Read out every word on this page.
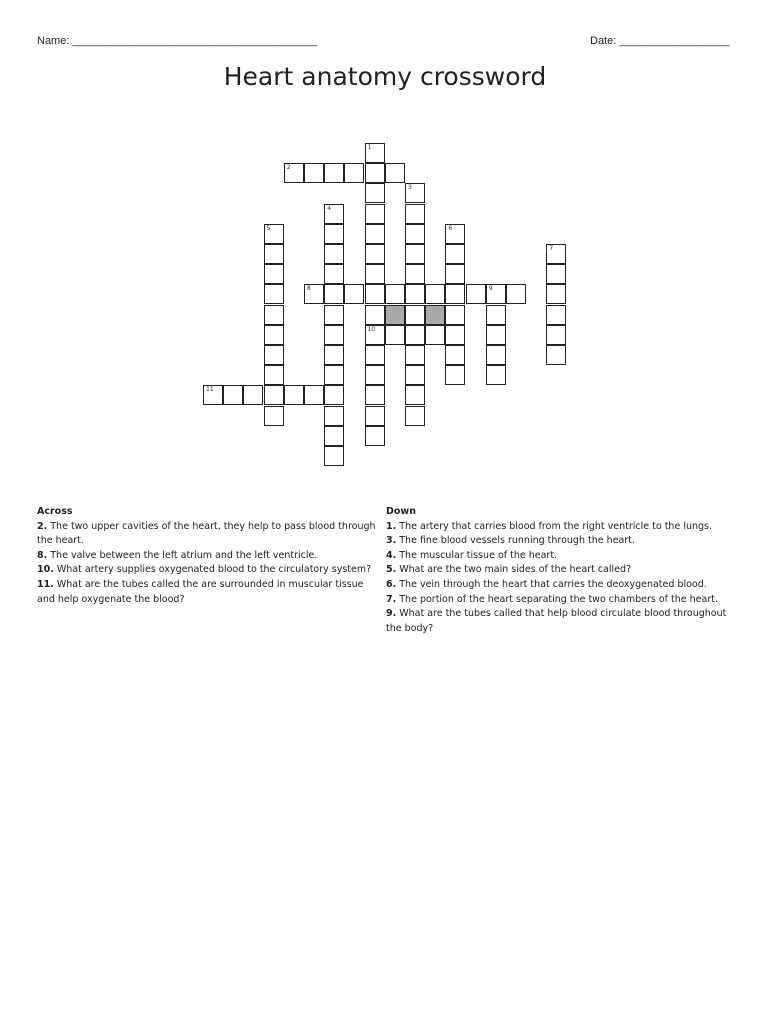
Name: ________________________________________	Date: __________________
Heart anatomy crossword
1
10
2
3
4
5	6
7
8	9
11
Across

2. The two upper cavities of the heart, they help to pass blood through the heart.

8. The valve between the left atrium and the left ventricle.

10. What artery supplies oxygenated blood to the circulatory system?

11. What are the tubes called the are surrounded in muscular tissue and help oxygenate the blood?

Down

1. The artery that carries blood from the right ventricle to the lungs.

3. The fine blood vessels running through the heart.

4. The muscular tissue of the heart.

5. What are the two main sides of the heart called?

6. The vein through the heart that carries the deoxygenated blood.

7. The portion of the heart separating the two chambers of the heart.

9. What are the tubes called that help blood circulate blood throughout the body?
